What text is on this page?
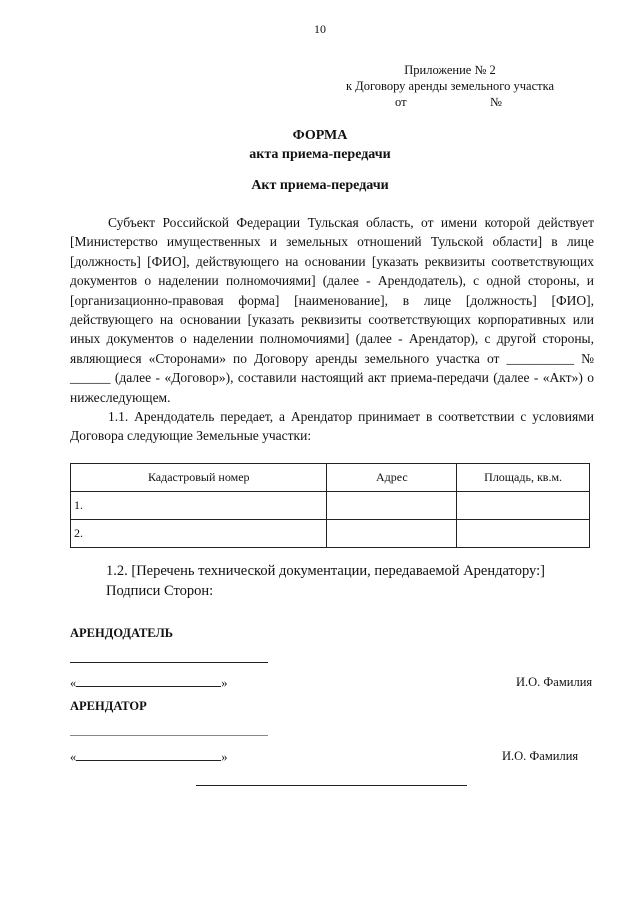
10
Приложение № 2
к Договору аренды земельного участка
от	№
ФОРМА
акта приема-передачи
Акт приема-передачи

Субъект Российской Федерации Тульская область, от имени которой действует [Министерство имущественных и земельных отношений Тульской области] в лице [должность] [ФИО], действующего на основании [указать реквизиты соответствующих документов о наделении полномочиями] (далее - Арендодатель), с одной стороны, и [организационно-правовая форма] [наименование], в лице [должность] [ФИО], действующего на основании [указать реквизиты соответствующих корпоративных или иных документов о наделении полномочиями] (далее - Арендатор), с другой стороны, являющиеся «Сторонами» по Договору аренды земельного участка от __________ № ______ (далее - «Договор»), составили настоящий акт приема-передачи (далее - «Акт») о нижеследующем.

1.1. Арендодатель передает, а Арендатор принимает в соответствии с условиями Договора следующие Земельные участки:

Кадастровый номер	Адрес	Площадь, кв.м.
1.		
2.		
1.2. [Перечень технической документации, передаваемой Арендатору:]
Подписи Сторон:
АРЕНДОДАТЕЛЬ
«	»	И.О. Фамилия
АРЕНДАТОР
«	»	И.О. Фамилия
